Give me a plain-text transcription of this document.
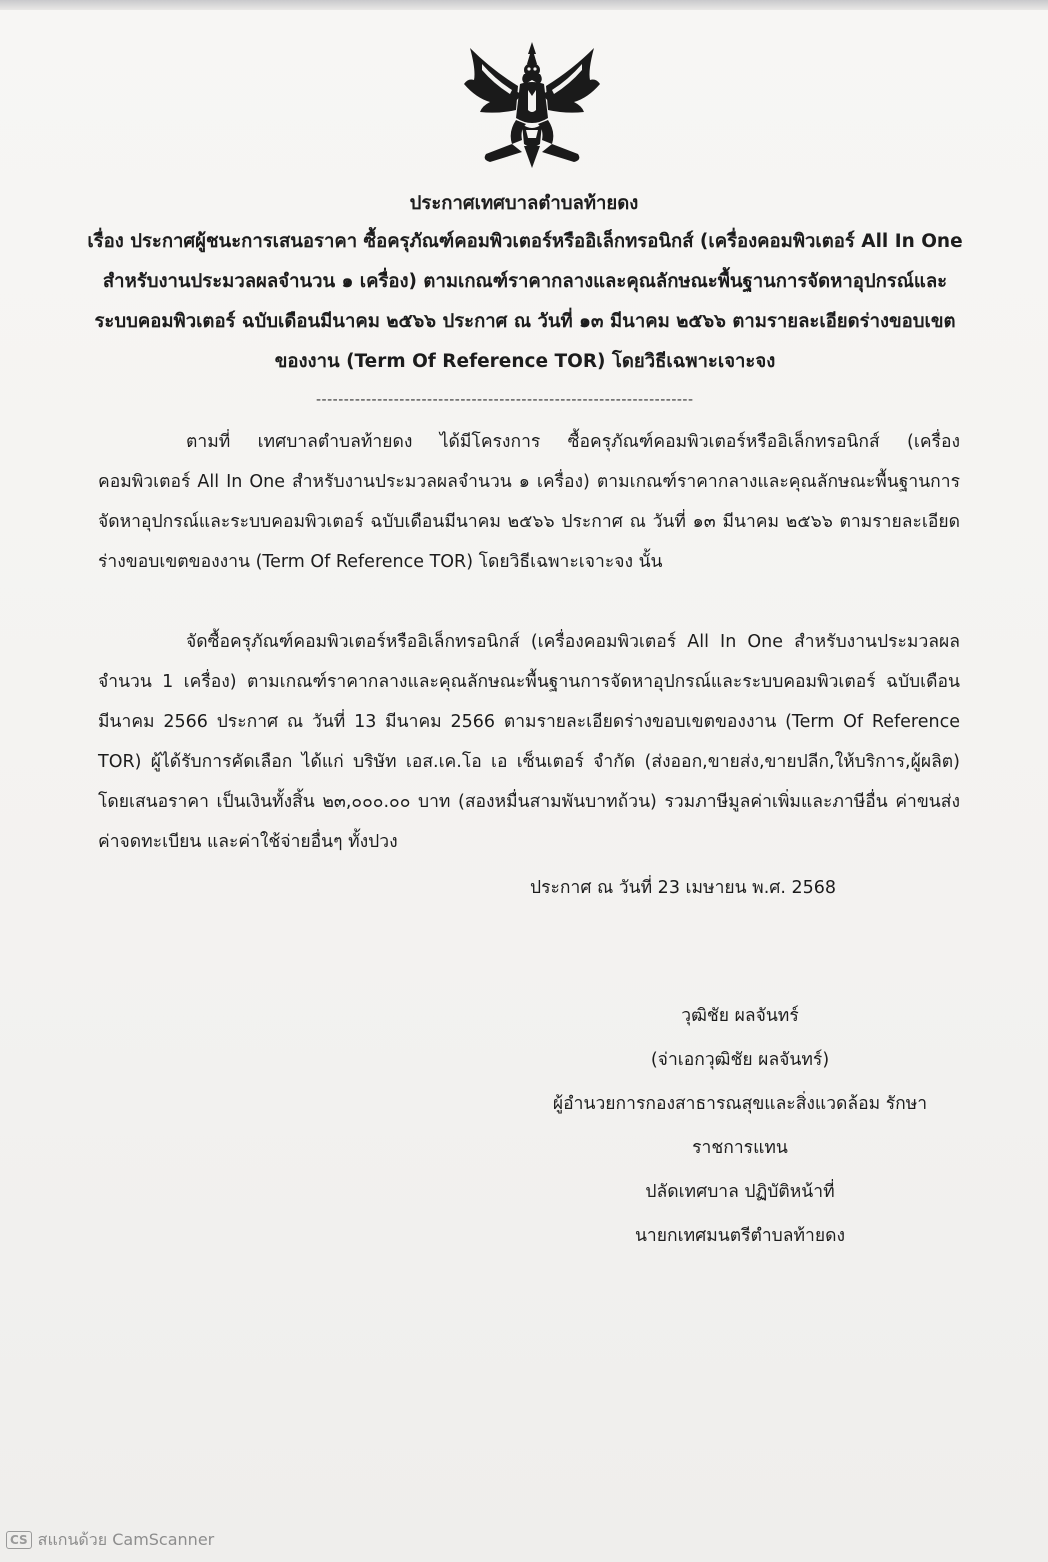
ประกาศเทศบาลตำบลท้ายดง

เรื่อง ประกาศผู้ชนะการเสนอราคา ซื้อครุภัณฑ์คอมพิวเตอร์หรืออิเล็กทรอนิกส์ (เครื่องคอมพิวเตอร์ All In One สำหรับงานประมวลผลจำนวน ๑ เครื่อง) ตามเกณฑ์ราคากลางและคุณลักษณะพื้นฐานการจัดหาอุปกรณ์และระบบคอมพิวเตอร์ ฉบับเดือนมีนาคม ๒๕๖๖ ประกาศ ณ วันที่ ๑๓ มีนาคม ๒๕๖๖ ตามรายละเอียดร่างขอบเขตของงาน (Term Of Reference TOR) โดยวิธีเฉพาะเจาะจง

--------------------------------------------------------------------

ตามที่ เทศบาลตำบลท้ายดง ได้มีโครงการ ซื้อครุภัณฑ์คอมพิวเตอร์หรืออิเล็กทรอนิกส์ (เครื่องคอมพิวเตอร์ All In One สำหรับงานประมวลผลจำนวน ๑ เครื่อง) ตามเกณฑ์ราคากลางและคุณลักษณะพื้นฐานการจัดหาอุปกรณ์และระบบคอมพิวเตอร์ ฉบับเดือนมีนาคม ๒๕๖๖ ประกาศ ณ วันที่ ๑๓ มีนาคม ๒๕๖๖ ตามรายละเอียดร่างขอบเขตของงาน (Term Of Reference TOR) โดยวิธีเฉพาะเจาะจง นั้น

จัดซื้อครุภัณฑ์คอมพิวเตอร์หรืออิเล็กทรอนิกส์ (เครื่องคอมพิวเตอร์ All In One สำหรับงานประมวลผลจำนวน 1 เครื่อง) ตามเกณฑ์ราคากลางและคุณลักษณะพื้นฐานการจัดหาอุปกรณ์และระบบคอมพิวเตอร์ ฉบับเดือนมีนาคม 2566 ประกาศ ณ วันที่ 13 มีนาคม 2566 ตามรายละเอียดร่างขอบเขตของงาน (Term Of Reference TOR) ผู้ได้รับการคัดเลือก ได้แก่ บริษัท เอส.เค.โอ เอ เซ็นเตอร์ จำกัด (ส่งออก,ขายส่ง,ขายปลีก,ให้บริการ,ผู้ผลิต) โดยเสนอราคา เป็นเงินทั้งสิ้น ๒๓,๐๐๐.๐๐ บาท (สองหมื่นสามพันบาทถ้วน) รวมภาษีมูลค่าเพิ่มและภาษีอื่น ค่าขนส่ง ค่าจดทะเบียน และค่าใช้จ่ายอื่นๆ ทั้งปวง

ประกาศ ณ วันที่ 23 เมษายน พ.ศ. 2568
วุฒิชัย ผลจันทร์
(จ่าเอกวุฒิชัย ผลจันทร์)
ผู้อำนวยการกองสาธารณสุขและสิ่งแวดล้อม รักษา
ราชการแทน
ปลัดเทศบาล ปฏิบัติหน้าที่
นายกเทศมนตรีตำบลท้ายดง
CS สแกนด้วย CamScanner
